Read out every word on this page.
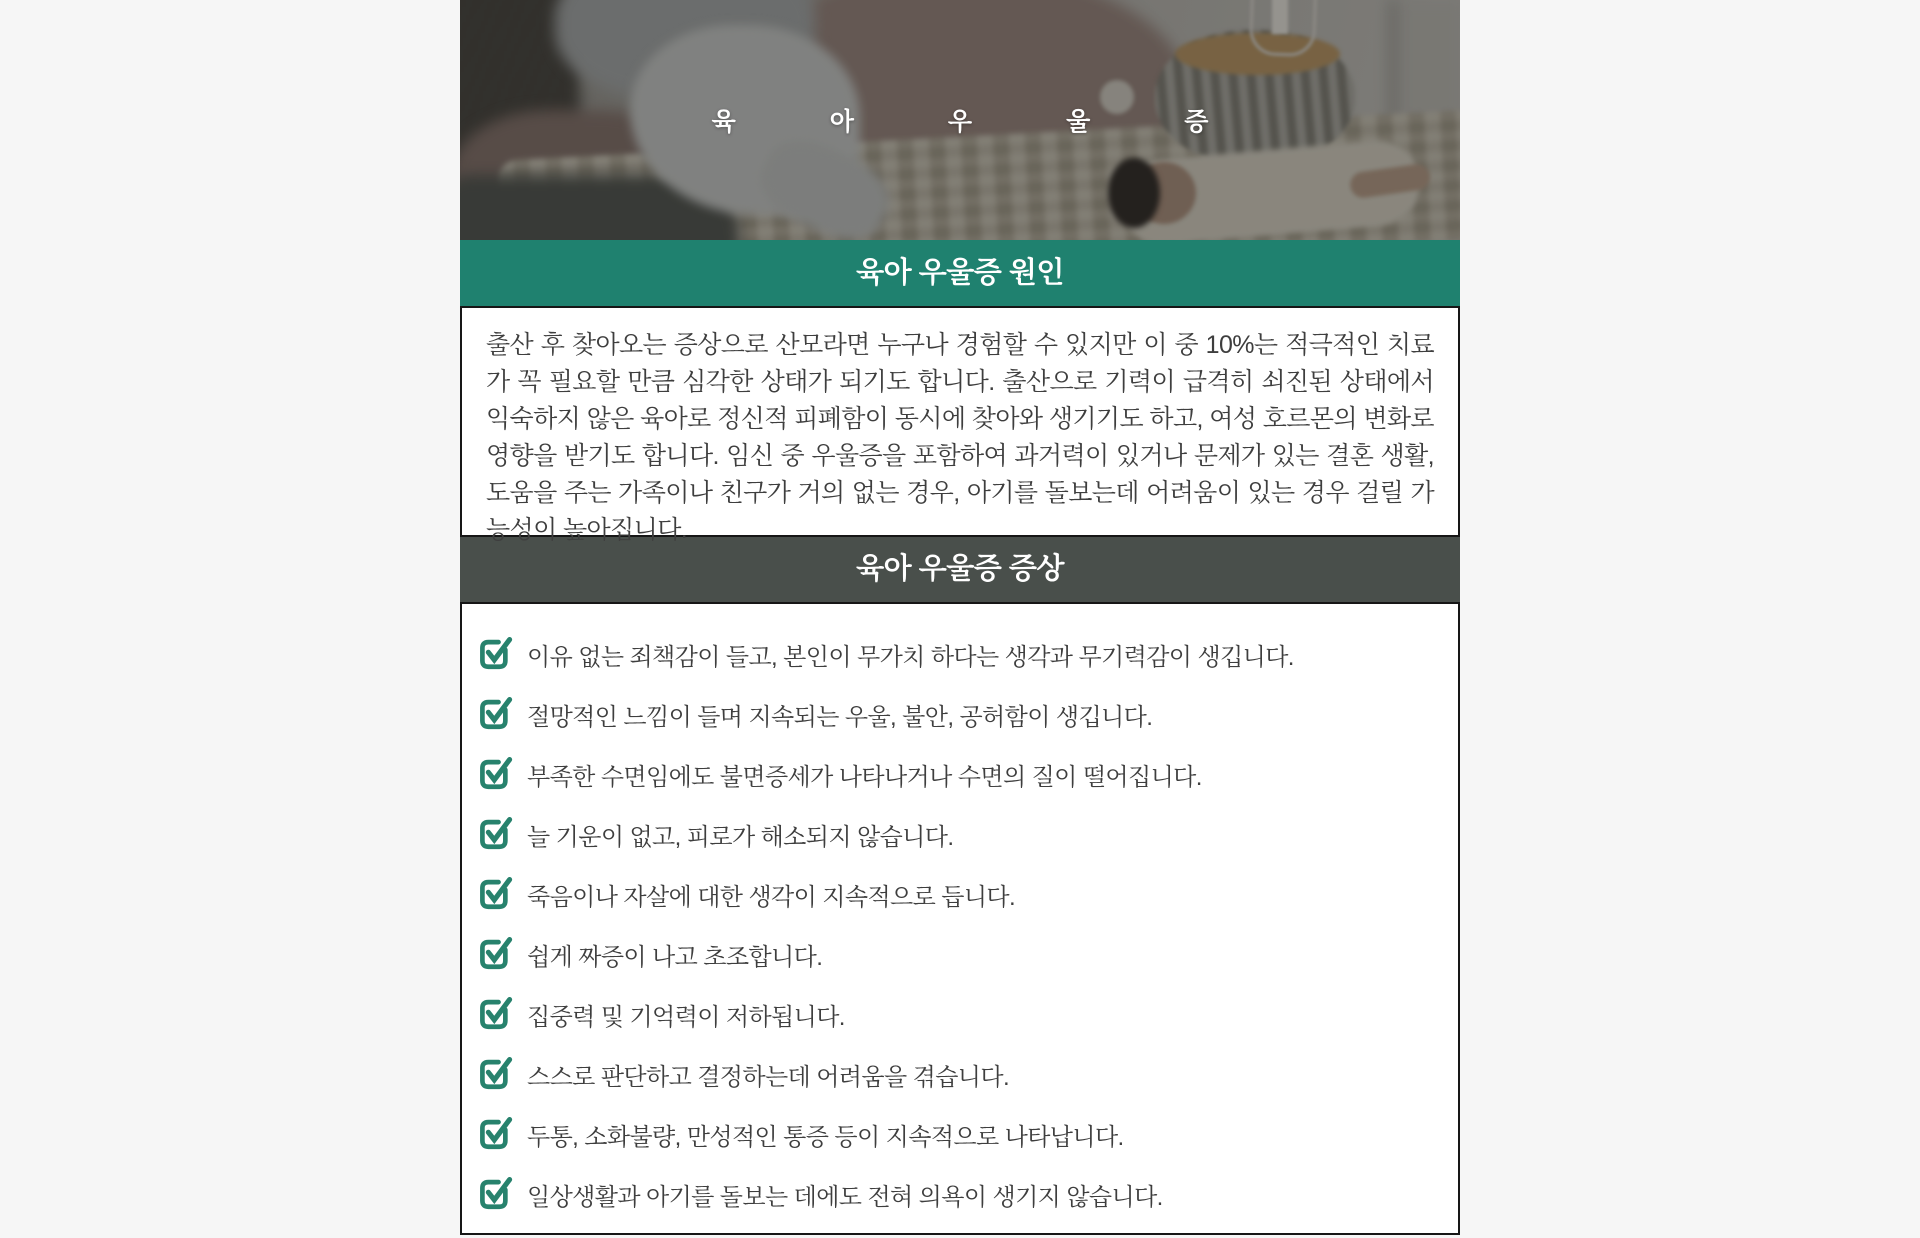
육	아	우	울	증
육아 우울증 원인

출산 후 찾아오는 증상으로 산모라면 누구나 경험할 수 있지만 이 중 10%는 적극적인 치료가 꼭 필요할 만큼 심각한 상태가 되기도 합니다. 출산으로 기력이 급격히 쇠진된 상태에서 익숙하지 않은 육아로 정신적 피폐함이 동시에 찾아와 생기기도 하고, 여성 호르몬의 변화로 영향을 받기도 합니다. 임신 중 우울증을 포함하여 과거력이 있거나 문제가 있는 결혼 생활, 도움을 주는 가족이나 친구가 거의 없는 경우, 아기를 돌보는데 어려움이 있는 경우 걸릴 가능성이 높아집니다.

육아 우울증 증상
이유 없는 죄책감이 들고, 본인이 무가치 하다는 생각과 무기력감이 생깁니다.
절망적인 느낌이 들며 지속되는 우울, 불안, 공허함이 생깁니다.
부족한 수면임에도 불면증세가 나타나거나 수면의 질이 떨어집니다.
늘 기운이 없고, 피로가 해소되지 않습니다.
죽음이나 자살에 대한 생각이 지속적으로 듭니다.
쉽게 짜증이 나고 초조합니다.
집중력 및 기억력이 저하됩니다.
스스로 판단하고 결정하는데 어려움을 겪습니다.
두통, 소화불량, 만성적인 통증 등이 지속적으로 나타납니다.
일상생활과 아기를 돌보는 데에도 전혀 의욕이 생기지 않습니다.
